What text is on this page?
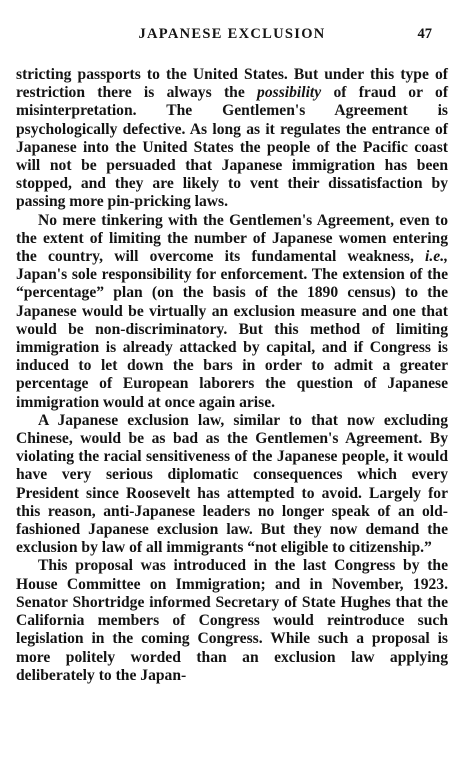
JAPANESE EXCLUSION	47

stricting passports to the United States. But under this type of restriction there is always the possibility of fraud or of misinterpretation. The Gentlemen's Agreement is psychologically defective. As long as it regulates the entrance of Japanese into the United States the people of the Pacific coast will not be persuaded that Japanese immigration has been stopped, and they are likely to vent their dissatisfaction by passing more pin-pricking laws.

No mere tinkering with the Gentlemen's Agreement, even to the extent of limiting the number of Japanese women entering the country, will overcome its fundamental weakness, i.e., Japan's sole responsibility for enforcement. The extension of the “percentage” plan (on the basis of the 1890 census) to the Japanese would be virtually an exclusion measure and one that would be non-discriminatory. But this method of limiting immigration is already attacked by capital, and if Congress is induced to let down the bars in order to admit a greater percentage of European laborers the question of Japanese immigration would at once again arise.

A Japanese exclusion law, similar to that now excluding Chinese, would be as bad as the Gentlemen's Agreement. By violating the racial sensitiveness of the Japanese people, it would have very serious diplomatic consequences which every President since Roosevelt has attempted to avoid. Largely for this reason, anti-Japanese leaders no longer speak of an old-fashioned Japanese exclusion law. But they now demand the exclusion by law of all immigrants “not eligible to citizenship.”

This proposal was introduced in the last Congress by the House Committee on Immigration; and in November, 1923. Senator Shortridge informed Secretary of State Hughes that the California members of Congress would reintroduce such legislation in the coming Congress. While such a proposal is more politely worded than an exclusion law applying deliberately to the Japan-
